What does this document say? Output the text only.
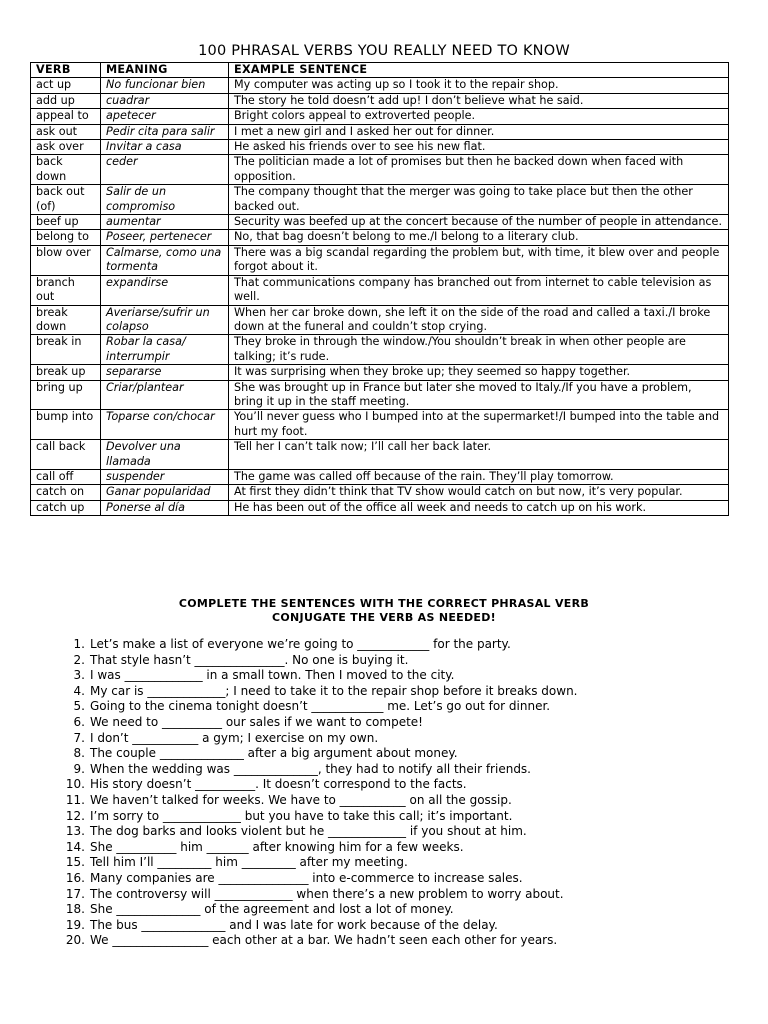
100 PHRASAL VERBS YOU REALLY NEED TO KNOW
VERB	MEANING	EXAMPLE SENTENCE
act up	No funcionar bien	My computer was acting up so I took it to the repair shop.
add up	cuadrar	The story he told doesn’t add up! I don’t believe what he said.
appeal to	apetecer	Bright colors appeal to extroverted people.
ask out	Pedir cita para salir	I met a new girl and I asked her out for dinner.
ask over	Invitar a casa	He asked his friends over to see his new flat.
back down	ceder	The politician made a lot of promises but then he backed down when faced with opposition.
back out (of)	Salir de un compromiso	The company thought that the merger was going to take place but then the other backed out.
beef up	aumentar	Security was beefed up at the concert because of the number of people in attendance.
belong to	Poseer, pertenecer	No, that bag doesn’t belong to me./I belong to a literary club.
blow over	Calmarse, como una tormenta	There was a big scandal regarding the problem but, with time, it blew over and people forgot about it.
branch out	expandirse	That communications company has branched out from internet to cable television as well.
break down	Averiarse/sufrir un colapso	When her car broke down, she left it on the side of the road and called a taxi./I broke down at the funeral and couldn’t stop crying.
break in	Robar la casa/ interrumpir	They broke in through the window./You shouldn’t break in when other people are talking; it’s rude.
break up	separarse	It was surprising when they broke up; they seemed so happy together.
bring up	Criar/plantear	She was brought up in France but later she moved to Italy./If you have a problem, bring it up in the staff meeting.
bump into	Toparse con/chocar	You’ll never guess who I bumped into at the supermarket!/I bumped into the table and hurt my foot.
call back	Devolver una llamada	Tell her I can’t talk now; I’ll call her back later.
call off	suspender	The game was called off because of the rain. They’ll play tomorrow.
catch on	Ganar popularidad	At first they didn’t think that TV show would catch on but now, it’s very popular.
catch up	Ponerse al día	He has been out of the office all week and needs to catch up on his work.
COMPLETE THE SENTENCES WITH THE CORRECT PHRASAL VERB
CONJUGATE THE VERB AS NEEDED!
1. Let’s make a list of everyone we’re going to ____________ for the party.
2. That style hasn’t _______________. No one is buying it.
3. I was _____________ in a small town. Then I moved to the city.
4. My car is _____________; I need to take it to the repair shop before it breaks down.
5. Going to the cinema tonight doesn’t ____________ me. Let’s go out for dinner.
6. We need to __________ our sales if we want to compete!
7. I don’t ___________ a gym; I exercise on my own.
8. The couple ______________ after a big argument about money.
9. When the wedding was ______________, they had to notify all their friends.
10. His story doesn’t __________. It doesn’t correspond to the facts.
11. We haven’t talked for weeks. We have to ___________ on all the gossip.
12. I’m sorry to _____________ but you have to take this call; it’s important.
13. The dog barks and looks violent but he _____________ if you shout at him.
14. She __________ him _______ after knowing him for a few weeks.
15. Tell him I’ll _________ him _________ after my meeting.
16. Many companies are _______________ into e-commerce to increase sales.
17. The controversy will _____________ when there’s a new problem to worry about.
18. She ______________ of the agreement and lost a lot of money.
19. The bus ______________ and I was late for work because of the delay.
20. We ________________ each other at a bar. We hadn’t seen each other for years.
